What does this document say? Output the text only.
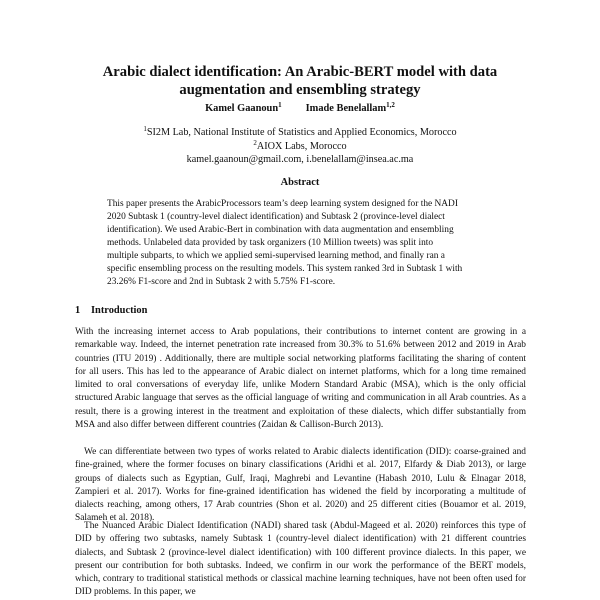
Arabic dialect identification: An Arabic-BERT model with data
augmentation and ensembling strategy
Kamel Gaanoun$^1$ Imade Benelallam$^{1,2}$
$^1$SI2M Lab, National Institute of Statistics and Applied Economics, Morocco
$^2$AIOX Labs, Morocco
kamel.gaanoun@gmail.com, i.benelallam@insea.ac.ma
Abstract
This paper presents the ArabicProcessors team’s deep learning system designed for the NADI
2020 Subtask 1 (country-level dialect identification) and Subtask 2 (province-level dialect
identification). We used Arabic-Bert in combination with data augmentation and ensembling
methods. Unlabeled data provided by task organizers (10 Million tweets) was split into
multiple subparts, to which we applied semi-supervised learning method, and finally ran a
specific ensembling process on the resulting models. This system ranked 3rd in Subtask 1 with
23.26% F1-score and 2nd in Subtask 2 with 5.75% F1-score.
1 Introduction
With the increasing internet access to Arab populations, their contributions to internet content are growing in a remarkable way. Indeed, the internet penetration rate increased from 30.3% to 51.6% between 2012 and 2019 in Arab countries (ITU 2019) . Additionally, there are multiple social networking platforms facilitating the sharing of content for all users. This has led to the appearance of Arabic dialect on internet platforms, which for a long time remained limited to oral conversations of everyday life, unlike Modern Standard Arabic (MSA), which is the only official structured Arabic language that serves as the official language of writing and communication in all Arab countries. As a result, there is a growing interest in the treatment and exploitation of these dialects, which differ substantially from MSA and also differ between different countries (Zaidan & Callison-Burch 2013).
We can differentiate between two types of works related to Arabic dialects identification (DID): coarse-grained and fine-grained, where the former focuses on binary classifications (Aridhi et al. 2017, Elfardy & Diab 2013), or large groups of dialects such as Egyptian, Gulf, Iraqi, Maghrebi and Levantine (Habash 2010, Lulu & Elnagar 2018, Zampieri et al. 2017). Works for fine-grained identification has widened the field by incorporating a multitude of dialects reaching, among others, 17 Arab countries (Shon et al. 2020) and 25 different cities (Bouamor et al. 2019, Salameh et al. 2018).
The Nuanced Arabic Dialect Identification (NADI) shared task (Abdul-Mageed et al. 2020) reinforces this type of DID by offering two subtasks, namely Subtask 1 (country-level dialect identification) with 21 different countries dialects, and Subtask 2 (province-level dialect identification) with 100 different province dialects. In this paper, we present our contribution for both subtasks. Indeed, we confirm in our work the performance of the BERT models, which, contrary to traditional statistical methods or classical machine learning techniques, have not been often used for DID problems. In this paper, we
